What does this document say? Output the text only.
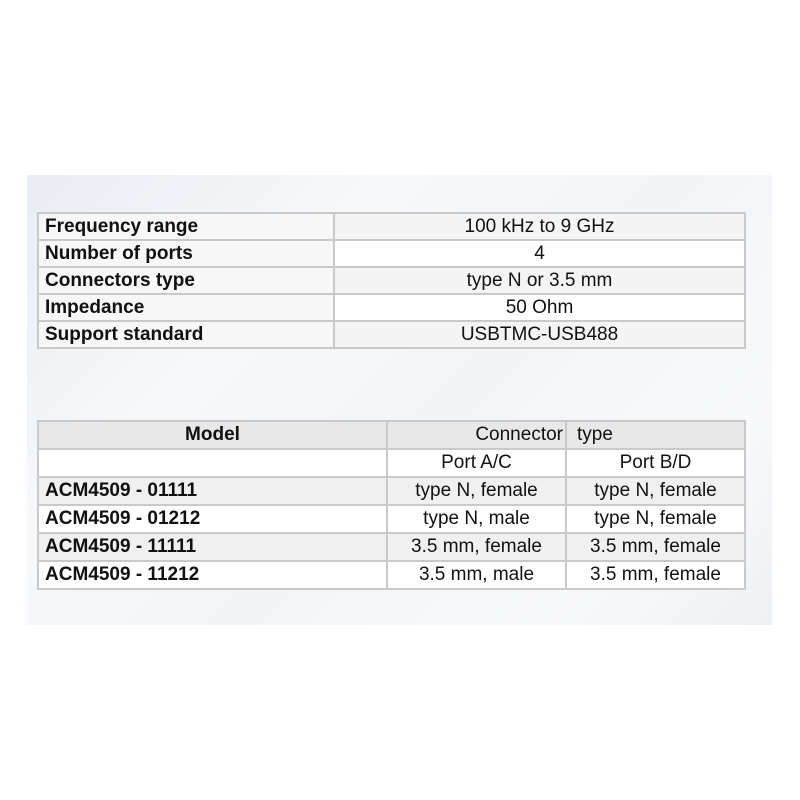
Frequency range	100 kHz to 9 GHz
Number of ports	4
Connectors type	type N or 3.5 mm
Impedance	50 Ohm
Support standard	USBTMC-USB488
Model	Connector	type
	Port A/C	Port B/D
ACM4509 - 01111	type N, female	type N, female
ACM4509 - 01212	type N, male	type N, female
ACM4509 - 11111	3.5 mm, female	3.5 mm, female
ACM4509 - 11212	3.5 mm, male	3.5 mm, female
